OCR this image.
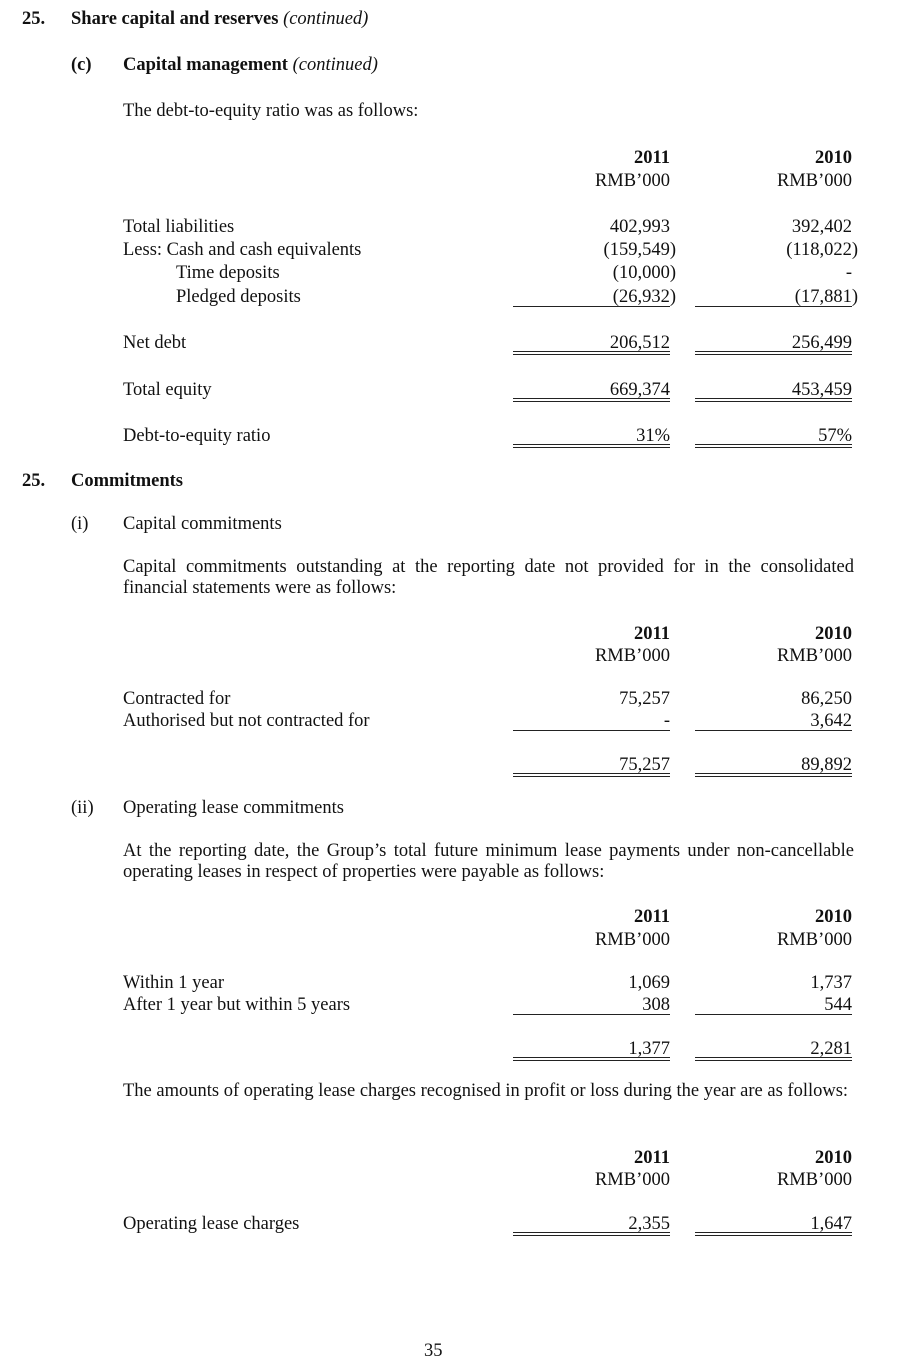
25. Share capital and reserves (continued)
(c) Capital management (continued)
The debt-to-equity ratio was as follows:
2011	2010
RMB’000	RMB’000
Total liabilities	402,993	392,402
Less: Cash and cash equivalents	(159,549)	(118,022)
Time deposits	(10,000)	-
Pledged deposits	(26,932)	(17,881)
Net debt	206,512	256,499
Total equity	669,374	453,459
Debt-to-equity ratio	31%	57%
25. Commitments
(i) Capital commitments
Capital commitments outstanding at the reporting date not provided for in the consolidated financial statements were as follows:
2011	2010
RMB’000	RMB’000
Contracted for	75,257	86,250
Authorised but not contracted for	-	3,642
75,257	89,892
(ii) Operating lease commitments
At the reporting date, the Group’s total future minimum lease payments under non-cancellable operating leases in respect of properties were payable as follows:
2011	2010
RMB’000	RMB’000
Within 1 year	1,069	1,737
After 1 year but within 5 years	308	544
1,377	2,281
The amounts of operating lease charges recognised in profit or loss during the year are as follows:
2011	2010
RMB’000	RMB’000
Operating lease charges	2,355	1,647
35
